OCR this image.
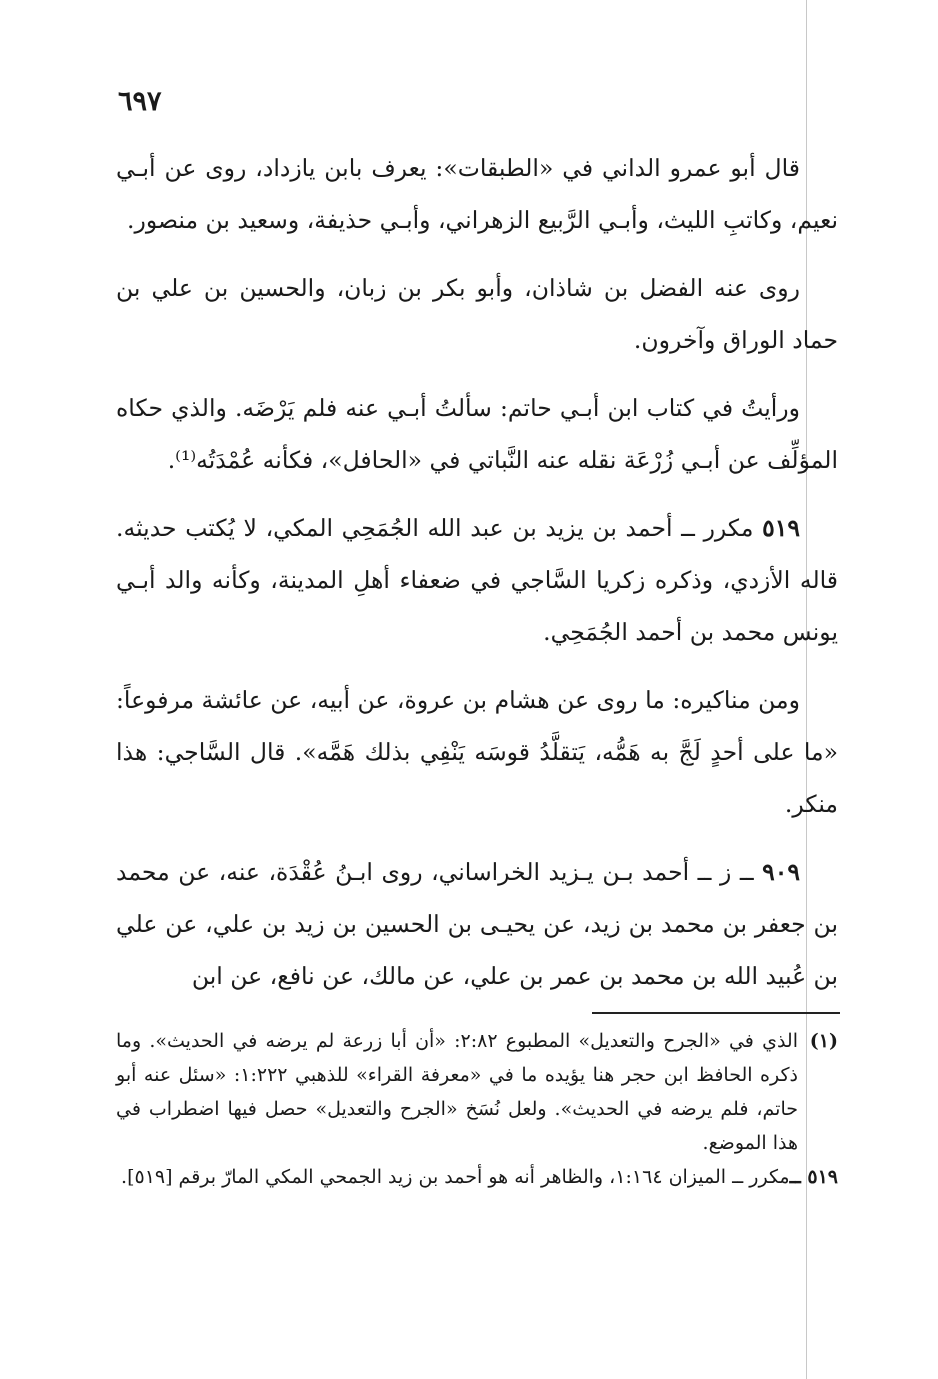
٦٩٧

قال أبو عمرو الداني في «الطبقات»: يعرف بابن يازداد، روى عن أبـي نعيم، وكاتبِ الليث، وأبـي الرَّبيع الزهراني، وأبـي حذيفة، وسعيد بن منصور.

روى عنه الفضل بن شاذان، وأبو بكر بن زبان، والحسين بن علي بن حماد الوراق وآخرون.

ورأيتُ في كتاب ابن أبـي حاتم: سألتُ أبـي عنه فلم يَرْضَه. والذي حكاه المؤلِّف عن أبـي زُرْعَة نقله عنه النَّباتي في «الحافل»، فكأنه عُمْدَتُه⁽¹⁾.

٥١٩ مكرر ــ أحمد بن يزيد بن عبد الله الجُمَحِي المكي، لا يُكتب حديثه. قاله الأزدي، وذكره زكريا السَّاجي في ضعفاء أهلِ المدينة، وكأنه والد أبـي يونس محمد بن أحمد الجُمَحِي.

ومن مناكيره: ما روى عن هشام بن عروة، عن أبيه، عن عائشة مرفوعاً: «ما على أحدٍ لَجَّ به هَمُّه، يَتقلَّدُ قوسَه يَنْفِي بذلك هَمَّه». قال السَّاجي: هذا منكر.

٩٠٩ ــ ز ــ أحمد بـن يـزيد الخراساني، روى ابـنُ عُقْدَة، عنه، عن محمد بن جعفر بن محمد بن زيد، عن يحيـى بن الحسين بن زيد بن علي، عن علي بن عُبيد الله بن محمد بن عمر بن علي، عن مالك، عن نافع، عن ابن

(١)
الذي في «الجرح والتعديل» المطبوع ٢:٨٢: «أن أبا زرعة لم يرضه في الحديث». وما ذكره الحافظ ابن حجر هنا يؤيده ما في «معرفة القراء» للذهبي ١:٢٢٢: «سئل عنه أبو حاتم، فلم يرضه في الحديث». ولعل نُسَخ «الجرح والتعديل» حصل فيها اضطراب في هذا الموضع.
٥١٩ ــ
مكرر ــ الميزان ١:١٦٤، والظاهر أنه هو أحمد بن زيد الجمحي المكي المارّ برقم [٥١٩].
